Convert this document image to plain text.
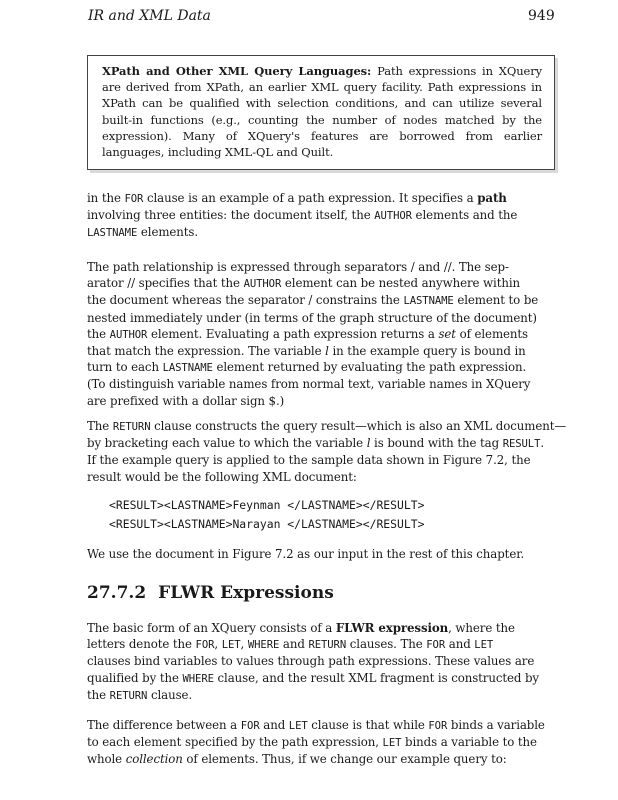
IR and XML Data	949

XPath and Other XML Query Languages: Path expressions in XQuery are derived from XPath, an earlier XML query facility. Path expressions in XPath can be qualified with selection conditions, and can utilize several built-in functions (e.g., counting the number of nodes matched by the expression). Many of XQuery's features are borrowed from earlier languages, including XML-QL and Quilt.

in the FOR clause is an example of a path expression. It specifies a path
involving three entities: the document itself, the AUTHOR elements and the
LASTNAME elements.
The path relationship is expressed through separators / and //. The sep-
arator // specifies that the AUTHOR element can be nested anywhere within
the document whereas the separator / constrains the LASTNAME element to be
nested immediately under (in terms of the graph structure of the document)
the AUTHOR element. Evaluating a path expression returns a set of elements
that match the expression. The variable l in the example query is bound in
turn to each LASTNAME element returned by evaluating the path expression.
(To distinguish variable names from normal text, variable names in XQuery
are prefixed with a dollar sign $.)
The RETURN clause constructs the query result—which is also an XML document—
by bracketing each value to which the variable l is bound with the tag RESULT.
If the example query is applied to the sample data shown in Figure 7.2, the
result would be the following XML document:
<RESULT><LASTNAME>Feynman </LASTNAME></RESULT>
<RESULT><LASTNAME>Narayan </LASTNAME></RESULT>
We use the document in Figure 7.2 as our input in the rest of this chapter.
27.7.2 FLWR Expressions
The basic form of an XQuery consists of a FLWR expression, where the
letters denote the FOR, LET, WHERE and RETURN clauses. The FOR and LET
clauses bind variables to values through path expressions. These values are
qualified by the WHERE clause, and the result XML fragment is constructed by
the RETURN clause.
The difference between a FOR and LET clause is that while FOR binds a variable
to each element specified by the path expression, LET binds a variable to the
whole collection of elements. Thus, if we change our example query to:
